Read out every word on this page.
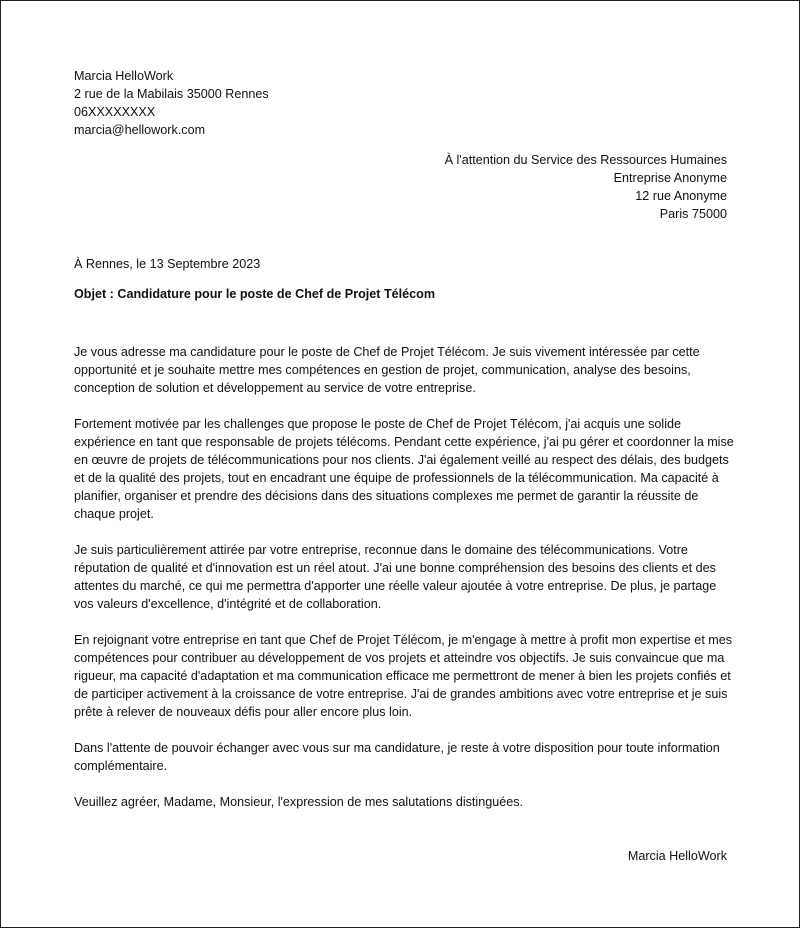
Marcia HelloWork
2 rue de la Mabilais 35000 Rennes
06XXXXXXXX
marcia@hellowork.com
À l'attention du Service des Ressources Humaines
Entreprise Anonyme
12 rue Anonyme
Paris 75000
À Rennes, le 13 Septembre 2023
Objet : Candidature pour le poste de Chef de Projet Télécom

Je vous adresse ma candidature pour le poste de Chef de Projet Télécom. Je suis vivement intéressée par cette opportunité et je souhaite mettre mes compétences en gestion de projet, communication, analyse des besoins, conception de solution et développement au service de votre entreprise.

Fortement motivée par les challenges que propose le poste de Chef de Projet Télécom, j'ai acquis une solide expérience en tant que responsable de projets télécoms. Pendant cette expérience, j'ai pu gérer et coordonner la mise en œuvre de projets de télécommunications pour nos clients. J'ai également veillé au respect des délais, des budgets et de la qualité des projets, tout en encadrant une équipe de professionnels de la télécommunication. Ma capacité à planifier, organiser et prendre des décisions dans des situations complexes me permet de garantir la réussite de chaque projet.

Je suis particulièrement attirée par votre entreprise, reconnue dans le domaine des télécommunications. Votre réputation de qualité et d'innovation est un réel atout. J'ai une bonne compréhension des besoins des clients et des attentes du marché, ce qui me permettra d'apporter une réelle valeur ajoutée à votre entreprise. De plus, je partage vos valeurs d'excellence, d'intégrité et de collaboration.

En rejoignant votre entreprise en tant que Chef de Projet Télécom, je m'engage à mettre à profit mon expertise et mes compétences pour contribuer au développement de vos projets et atteindre vos objectifs. Je suis convaincue que ma rigueur, ma capacité d'adaptation et ma communication efficace me permettront de mener à bien les projets confiés et de participer activement à la croissance de votre entreprise. J'ai de grandes ambitions avec votre entreprise et je suis prête à relever de nouveaux défis pour aller encore plus loin.

Dans l'attente de pouvoir échanger avec vous sur ma candidature, je reste à votre disposition pour toute information complémentaire.

Veuillez agréer, Madame, Monsieur, l'expression de mes salutations distinguées.

Marcia HelloWork
